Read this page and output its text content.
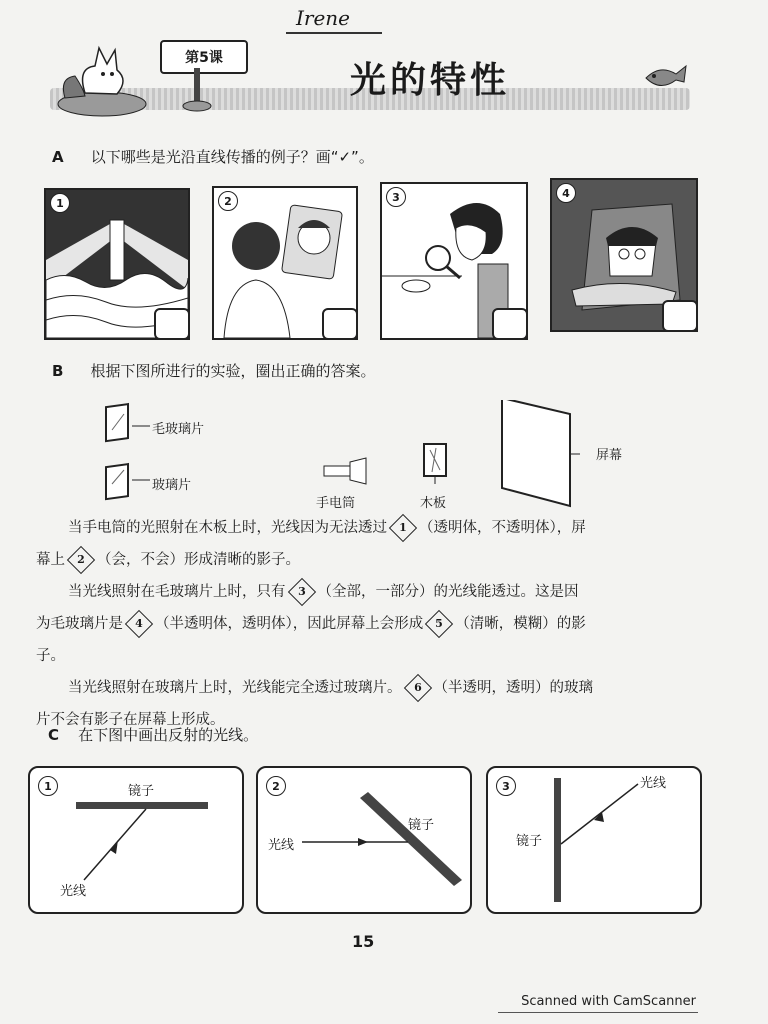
第5课
Irene
光的特性
A 以下哪些是光沿直线传播的例子？画“✓”。
1	2	3	4
B 根据下图所进行的实验，圈出正确的答案。
毛玻璃片
玻璃片
手电筒	木板
屏幕
当手电筒的光照射在木板上时，光线因为无法透过	1 （透明体，不透明体），屏
幕上	2 （会，不会）形成清晰的影子。
当光线照射在毛玻璃片上时，只有	3 （全部，一部分）的光线能透过。这是因
为毛玻璃片是	4 （半透明体，透明体），因此屏幕上会形成	5 （清晰，模糊）的影
子。
当光线照射在玻璃片上时，光线能完全透过玻璃片。	6 （半透明，透明）的玻璃
片不会有影子在屏幕上形成。
C 在下图中画出反射的光线。
1	镜子
光线
2
镜子
光线
3	光线
镜子
15
Scanned with CamScanner
